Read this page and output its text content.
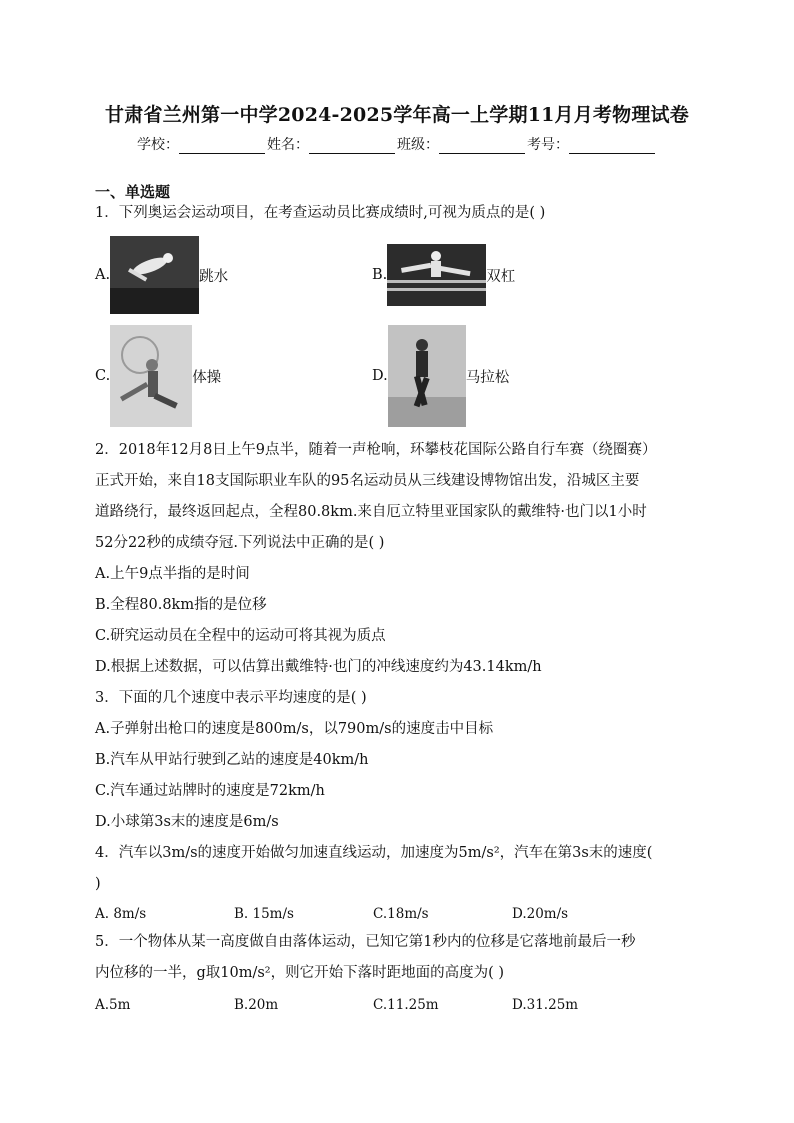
甘肃省兰州第一中学2024-2025学年高一上学期11月月考物理试卷
学校：	姓名：	班级：	考号：
一、单选题
1．下列奥运会运动项目，在考查运动员比赛成绩时,可视为质点的是( )
A.	跳水	B.	双杠
C.	体操	D.	马拉松
2．2018年12月8日上午9点半，随着一声枪响，环攀枝花国际公路自行车赛（绕圈赛）
正式开始，来自18支国际职业车队的95名运动员从三线建设博物馆出发，沿城区主要
道路绕行，最终返回起点，全程80.8km.来自厄立特里亚国家队的戴维特·也门以1小时
52分22秒的成绩夺冠.下列说法中正确的是( )
A.上午9点半指的是时间
B.全程80.8km指的是位移
C.研究运动员在全程中的运动可将其视为质点
D.根据上述数据，可以估算出戴维特·也门的冲线速度约为43.14km/h
3．下面的几个速度中表示平均速度的是( )
A.子弹射出枪口的速度是800m/s，以790m/s的速度击中目标
B.汽车从甲站行驶到乙站的速度是40km/h
C.汽车通过站牌时的速度是72km/h
D.小球第3s末的速度是6m/s
4．汽车以3m/s的速度开始做匀加速直线运动，加速度为5m/s²，汽车在第3s末的速度(
)
A. 8m/s	B. 15m/s	C.18m/s	D.20m/s
5．一个物体从某一高度做自由落体运动，已知它第1秒内的位移是它落地前最后一秒
内位移的一半，g取10m/s²，则它开始下落时距地面的高度为( )
A.5m	B.20m	C.11.25m	D.31.25m
